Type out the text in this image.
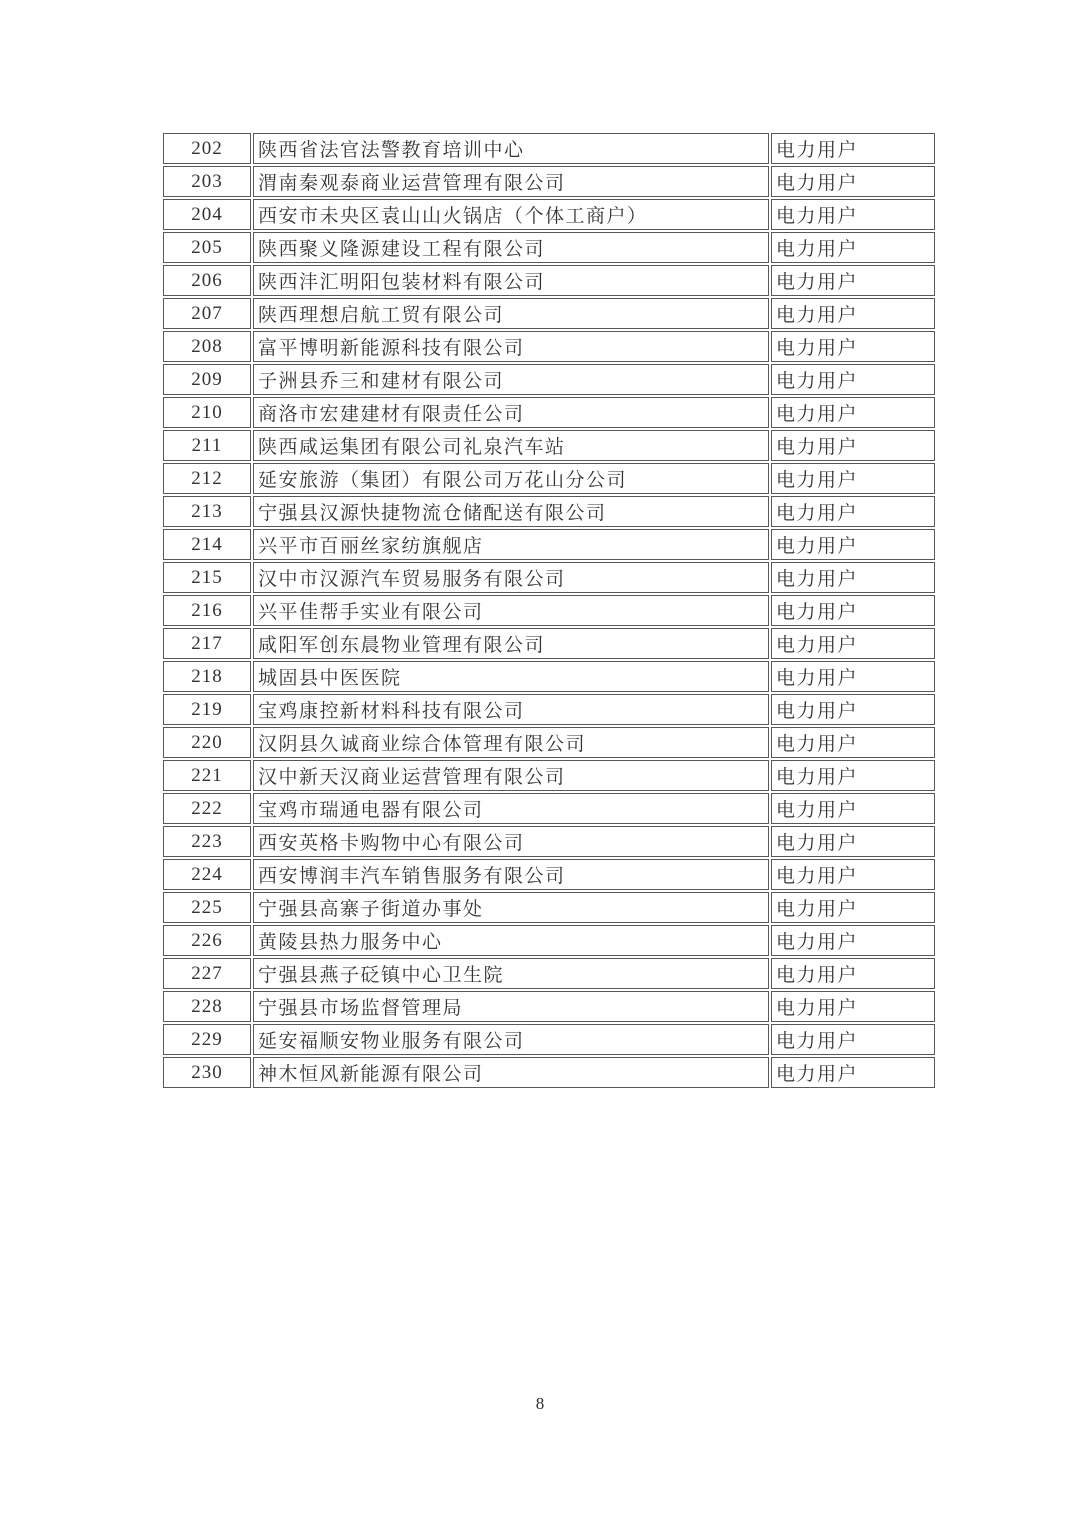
202	陕西省法官法警教育培训中心	电力用户
203	渭南秦观泰商业运营管理有限公司	电力用户
204	西安市未央区袁山山火锅店（个体工商户）	电力用户
205	陕西聚义隆源建设工程有限公司	电力用户
206	陕西沣汇明阳包装材料有限公司	电力用户
207	陕西理想启航工贸有限公司	电力用户
208	富平博明新能源科技有限公司	电力用户
209	子洲县乔三和建材有限公司	电力用户
210	商洛市宏建建材有限责任公司	电力用户
211	陕西咸运集团有限公司礼泉汽车站	电力用户
212	延安旅游（集团）有限公司万花山分公司	电力用户
213	宁强县汉源快捷物流仓储配送有限公司	电力用户
214	兴平市百丽丝家纺旗舰店	电力用户
215	汉中市汉源汽车贸易服务有限公司	电力用户
216	兴平佳帮手实业有限公司	电力用户
217	咸阳军创东晨物业管理有限公司	电力用户
218	城固县中医医院	电力用户
219	宝鸡康控新材料科技有限公司	电力用户
220	汉阴县久诚商业综合体管理有限公司	电力用户
221	汉中新天汉商业运营管理有限公司	电力用户
222	宝鸡市瑞通电器有限公司	电力用户
223	西安英格卡购物中心有限公司	电力用户
224	西安博润丰汽车销售服务有限公司	电力用户
225	宁强县高寨子街道办事处	电力用户
226	黄陵县热力服务中心	电力用户
227	宁强县燕子砭镇中心卫生院	电力用户
228	宁强县市场监督管理局	电力用户
229	延安福顺安物业服务有限公司	电力用户
230	神木恒风新能源有限公司	电力用户
8
